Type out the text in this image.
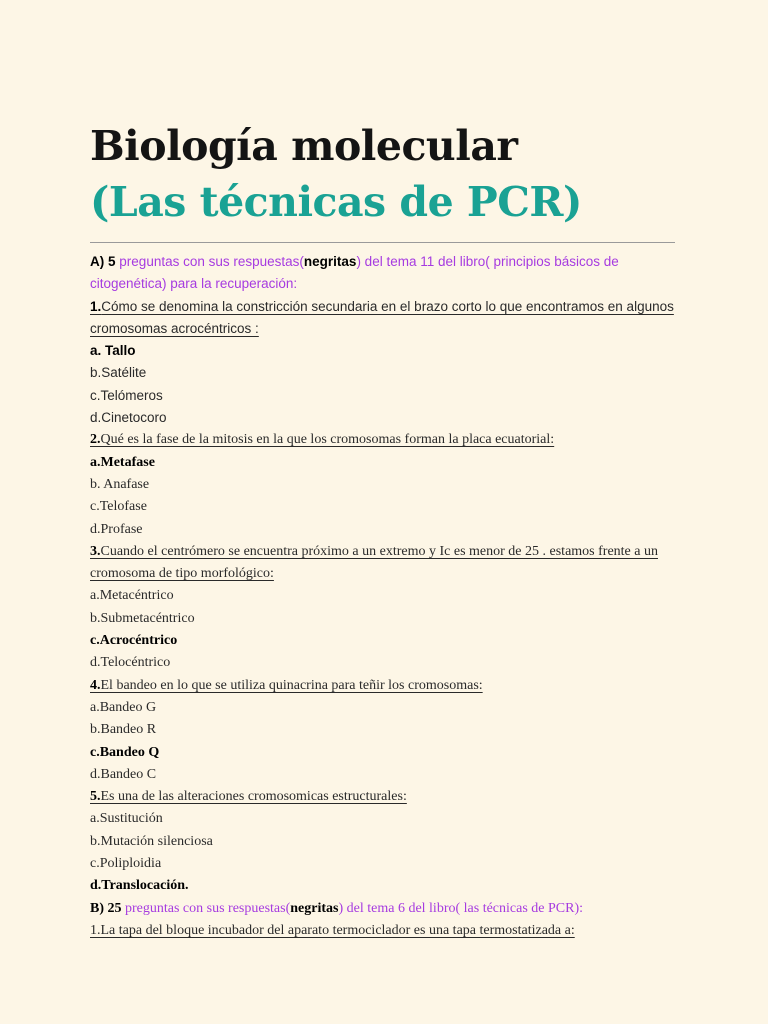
Biología molecular
(Las técnicas de PCR)
A) 5 preguntas con sus respuestas(negritas) del tema 11 del libro( principios básicos de citogenética) para la recuperación:
1.Cómo se denomina la constricción secundaria en el brazo corto lo que encontramos en algunos cromosomas acrocéntricos :
a. Tallo
b.Satélite
c.Telómeros
d.Cinetocoro
2.Qué es la fase de la mitosis en la que los cromosomas forman la placa ecuatorial:
a.Metafase
b. Anafase
c.Telofase
d.Profase
3.Cuando el centrómero se encuentra próximo a un extremo y Ic es menor de 25 . estamos frente a un cromosoma de tipo morfológico:
a.Metacéntrico
b.Submetacéntrico
c.Acrocéntrico
d.Telocéntrico
4.El bandeo en lo que se utiliza quinacrina para teñir los cromosomas:
a.Bandeo G
b.Bandeo R
c.Bandeo Q
d.Bandeo C
5.Es una de las alteraciones cromosomicas estructurales:
a.Sustitución
b.Mutación silenciosa
c.Poliploidia
d.Translocación.
B) 25 preguntas con sus respuestas(negritas) del tema 6 del libro( las técnicas de PCR):
1.La tapa del bloque incubador del aparato termociclador es una tapa termostatizada a:
